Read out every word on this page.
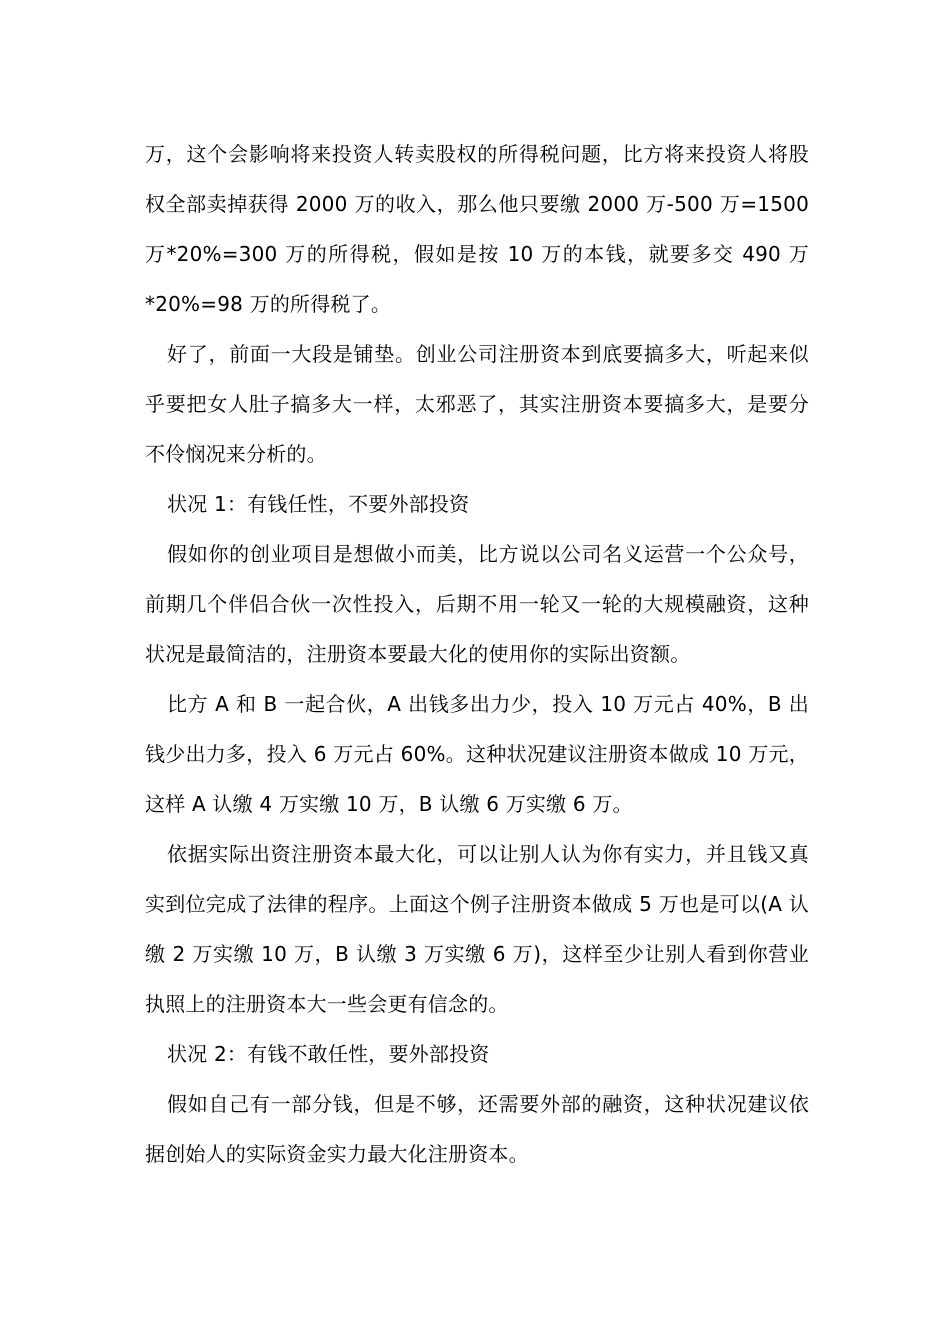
万，这个会影响将来投资人转卖股权的所得税问题，比方将来投资人将股权全部卖掉获得 2000 万的收入，那么他只要缴 2000 万-500 万=1500 万*20%=300 万的所得税，假如是按 10 万的本钱，就要多交 490 万*20%=98 万的所得税了。

好了，前面一大段是铺垫。创业公司注册资本到底要搞多大，听起来似乎要把女人肚子搞多大一样，太邪恶了，其实注册资本要搞多大，是要分不伶悯况来分析的。

状况 1：有钱任性，不要外部投资

假如你的创业项目是想做小而美，比方说以公司名义运营一个公众号，前期几个伴侣合伙一次性投入，后期不用一轮又一轮的大规模融资，这种状况是最简洁的，注册资本要最大化的使用你的实际出资额。

比方 A 和 B 一起合伙，A 出钱多出力少，投入 10 万元占 40%，B 出钱少出力多，投入 6 万元占 60%。这种状况建议注册资本做成 10 万元，这样 A 认缴 4 万实缴 10 万，B 认缴 6 万实缴 6 万。

依据实际出资注册资本最大化，可以让别人认为你有实力，并且钱又真实到位完成了法律的程序。上面这个例子注册资本做成 5 万也是可以(A 认缴 2 万实缴 10 万，B 认缴 3 万实缴 6 万)，这样至少让别人看到你营业执照上的注册资本大一些会更有信念的。

状况 2：有钱不敢任性，要外部投资

假如自己有一部分钱，但是不够，还需要外部的融资，这种状况建议依据创始人的实际资金实力最大化注册资本。
